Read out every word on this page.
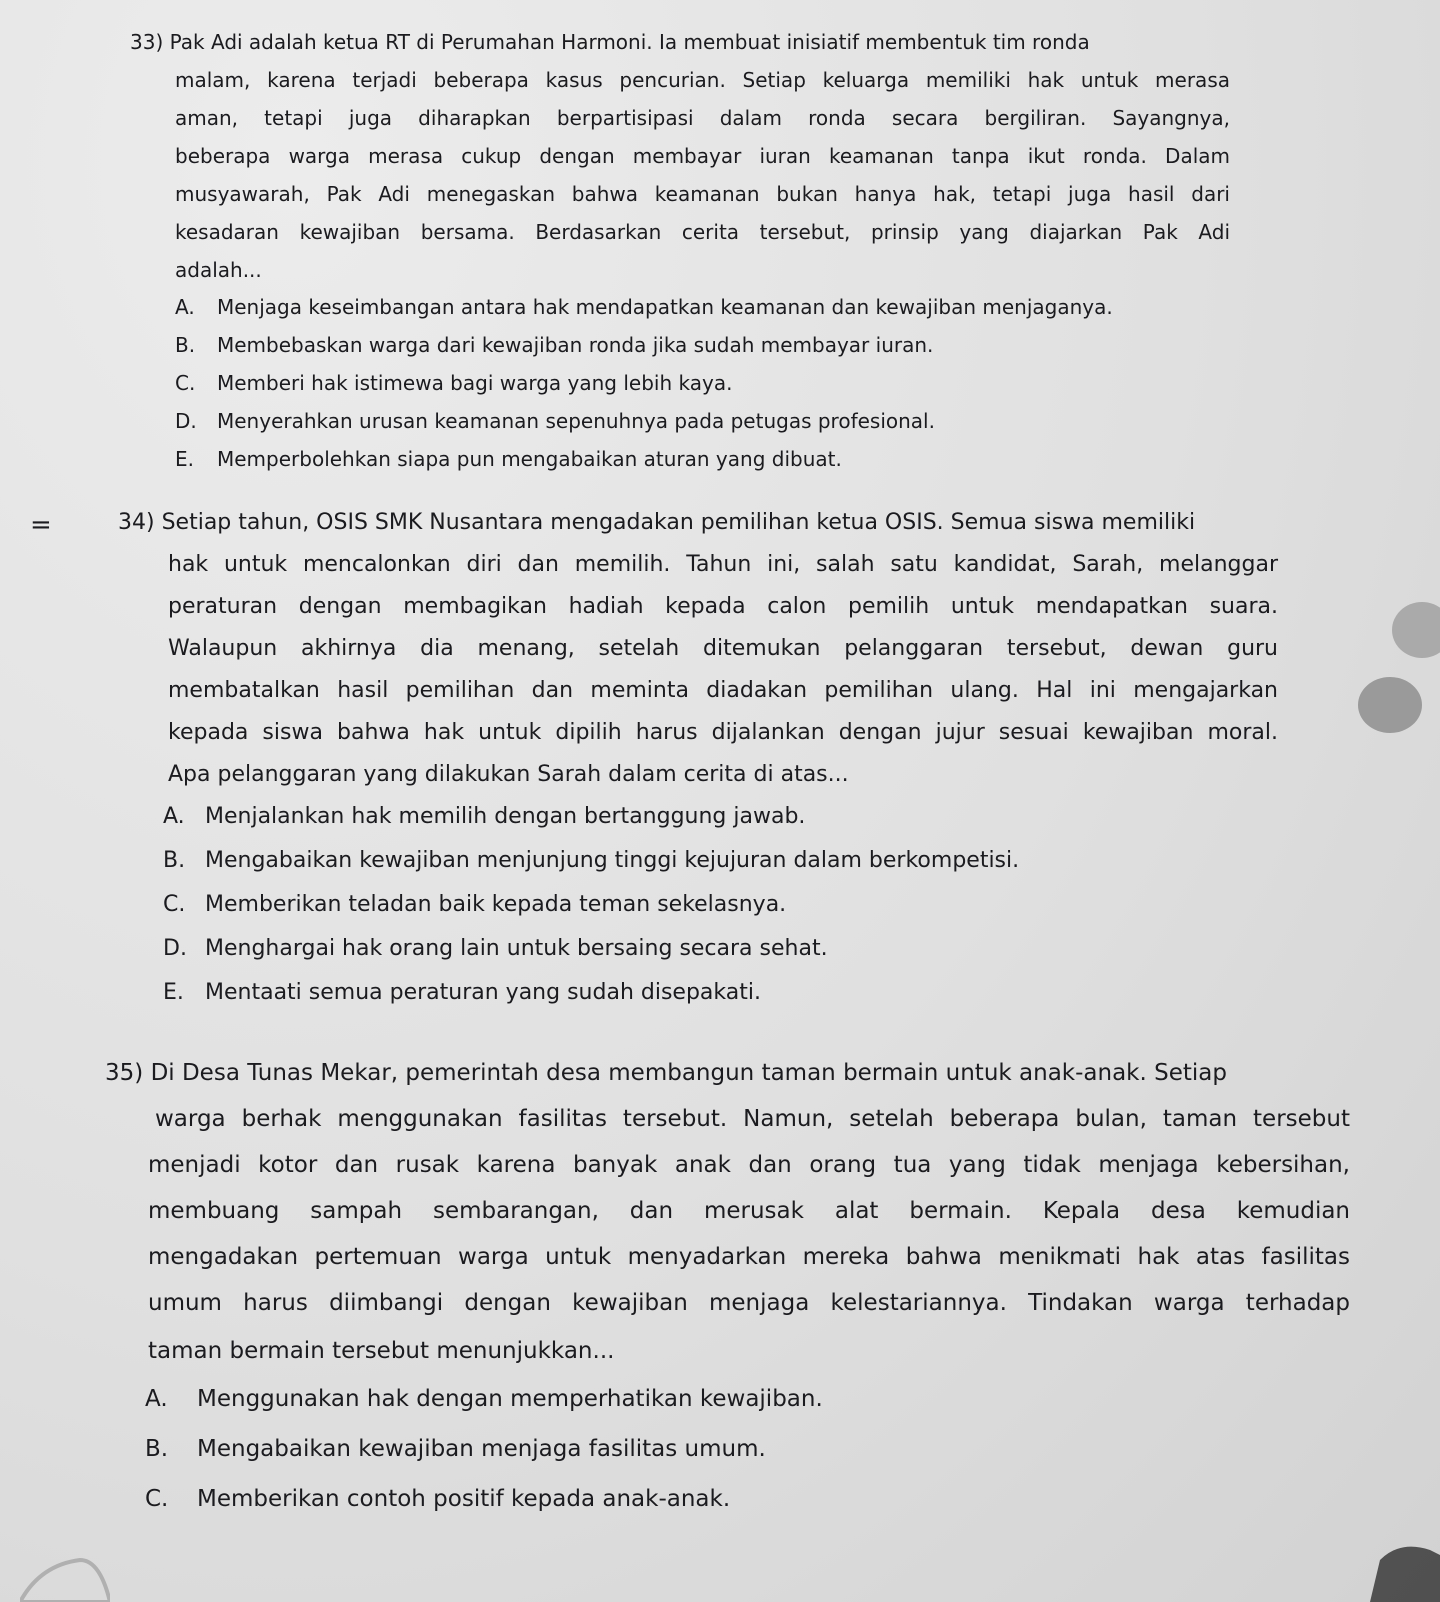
33) Pak Adi adalah ketua RT di Perumahan Harmoni. Ia membuat inisiatif membentuk tim ronda
malam, karena terjadi beberapa kasus pencurian. Setiap keluarga memiliki hak untuk merasa
aman, tetapi juga diharapkan berpartisipasi dalam ronda secara bergiliran. Sayangnya,
beberapa warga merasa cukup dengan membayar iuran keamanan tanpa ikut ronda. Dalam
musyawarah, Pak Adi menegaskan bahwa keamanan bukan hanya hak, tetapi juga hasil dari
kesadaran kewajiban bersama. Berdasarkan cerita tersebut, prinsip yang diajarkan Pak Adi
adalah...
A. Menjaga keseimbangan antara hak mendapatkan keamanan dan kewajiban menjaganya.
B. Membebaskan warga dari kewajiban ronda jika sudah membayar iuran.
C. Memberi hak istimewa bagi warga yang lebih kaya.
D. Menyerahkan urusan keamanan sepenuhnya pada petugas profesional.
E. Memperbolehkan siapa pun mengabaikan aturan yang dibuat.
=	34) Setiap tahun, OSIS SMK Nusantara mengadakan pemilihan ketua OSIS. Semua siswa memiliki
hak untuk mencalonkan diri dan memilih. Tahun ini, salah satu kandidat, Sarah, melanggar
peraturan dengan membagikan hadiah kepada calon pemilih untuk mendapatkan suara.
Walaupun akhirnya dia menang, setelah ditemukan pelanggaran tersebut, dewan guru
membatalkan hasil pemilihan dan meminta diadakan pemilihan ulang. Hal ini mengajarkan
kepada siswa bahwa hak untuk dipilih harus dijalankan dengan jujur sesuai kewajiban moral.
Apa pelanggaran yang dilakukan Sarah dalam cerita di atas...
A. Menjalankan hak memilih dengan bertanggung jawab.
B. Mengabaikan kewajiban menjunjung tinggi kejujuran dalam berkompetisi.
C. Memberikan teladan baik kepada teman sekelasnya.
D. Menghargai hak orang lain untuk bersaing secara sehat.
E. Mentaati semua peraturan yang sudah disepakati.
35) Di Desa Tunas Mekar, pemerintah desa membangun taman bermain untuk anak-anak. Setiap
warga berhak menggunakan fasilitas tersebut. Namun, setelah beberapa bulan, taman tersebut
menjadi kotor dan rusak karena banyak anak dan orang tua yang tidak menjaga kebersihan,
membuang sampah sembarangan, dan merusak alat bermain. Kepala desa kemudian
mengadakan pertemuan warga untuk menyadarkan mereka bahwa menikmati hak atas fasilitas
umum harus diimbangi dengan kewajiban menjaga kelestariannya. Tindakan warga terhadap
taman bermain tersebut menunjukkan...
A. Menggunakan hak dengan memperhatikan kewajiban.
B. Mengabaikan kewajiban menjaga fasilitas umum.
C. Memberikan contoh positif kepada anak-anak.
